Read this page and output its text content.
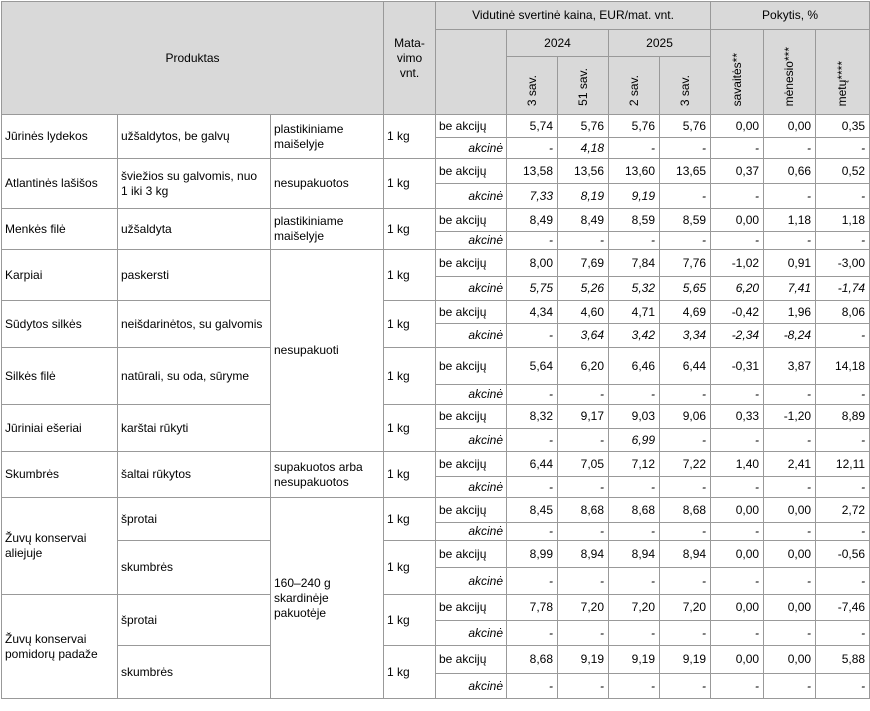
Produktas			Mata-vimo vnt.	Vidutinė svertinė kaina, EUR/mat. vnt.					Pokytis, %		
					2024		2025		savaitės**	mėnesio***	metų****
					3 sav.	51 sav.	2 sav.	3 sav.			
Jūrinės lydekos	užšaldytos, be galvų	plastikiniame maišelyje	1 kg	be akcijų	5,74	5,76	5,76	5,76	0,00	0,00	0,35
				akcinė	-	4,18	-	-	-	-	-
Atlantinės lašišos	šviežios su galvomis, nuo 1 iki 3 kg	nesupakuotos	1 kg	be akcijų	13,58	13,56	13,60	13,65	0,37	0,66	0,52
				akcinė	7,33	8,19	9,19	-	-	-	-
Menkės filė	užšaldyta	plastikiniame maišelyje	1 kg	be akcijų	8,49	8,49	8,59	8,59	0,00	1,18	1,18
				akcinė	-	-	-	-	-	-	-
Karpiai	paskersti	nesupakuoti	1 kg	be akcijų	8,00	7,69	7,84	7,76	-1,02	0,91	-3,00
				akcinė	5,75	5,26	5,32	5,65	6,20	7,41	-1,74
Sūdytos silkės	neišdarinėtos, su galvomis		1 kg	be akcijų	4,34	4,60	4,71	4,69	-0,42	1,96	8,06
				akcinė	-	3,64	3,42	3,34	-2,34	-8,24	-
Silkės filė	natūrali, su oda, sūryme		1 kg	be akcijų	5,64	6,20	6,46	6,44	-0,31	3,87	14,18
				akcinė	-	-	-	-	-	-	-
Jūriniai ešeriai	karštai rūkyti		1 kg	be akcijų	8,32	9,17	9,03	9,06	0,33	-1,20	8,89
				akcinė	-	-	6,99	-	-	-	-
Skumbrės	šaltai rūkytos	supakuotos arba nesupakuotos	1 kg	be akcijų	6,44	7,05	7,12	7,22	1,40	2,41	12,11
				akcinė	-	-	-	-	-	-	-
Žuvų konservai aliejuje	šprotai	160–240 g skardinėje pakuotėje	1 kg	be akcijų	8,45	8,68	8,68	8,68	0,00	0,00	2,72
				akcinė	-	-	-	-	-	-	-
	skumbrės		1 kg	be akcijų	8,99	8,94	8,94	8,94	0,00	0,00	-0,56
				akcinė	-	-	-	-	-	-	-
Žuvų konservai pomidorų padaže	šprotai		1 kg	be akcijų	7,78	7,20	7,20	7,20	0,00	0,00	-7,46
				akcinė	-	-	-	-	-	-	-
	skumbrės		1 kg	be akcijų	8,68	9,19	9,19	9,19	0,00	0,00	5,88
				akcinė	-	-	-	-	-	-	-
